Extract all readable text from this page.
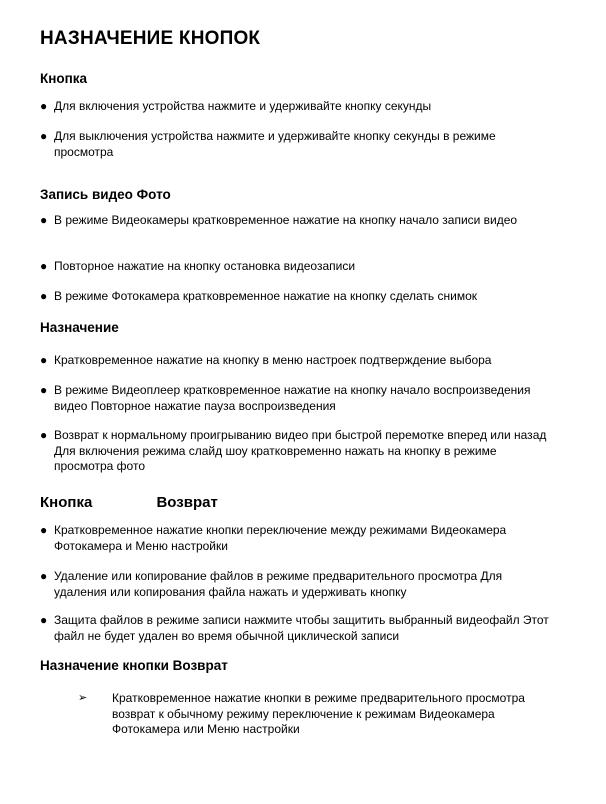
НАЗНАЧЕНИЕ КНОПОК
Кнопка
● Для включения устройства нажмите и удерживайте кнопку секунды
● Для выключения устройства нажмите и удерживайте кнопку секунды в режиме просмотра
Запись видео Фото
● В режиме Видеокамеры кратковременное нажатие на кнопку начало записи видео
● Повторное нажатие на кнопку остановка видеозаписи
● В режиме Фотокамера кратковременное нажатие на кнопку сделать снимок
Назначение
● Кратковременное нажатие на кнопку в меню настроек подтверждение выбора
● В режиме Видеоплеер кратковременное нажатие на кнопку начало воспроизведения видео Повторное нажатие пауза воспроизведения
● Возврат к нормальному проигрыванию видео при быстрой перемотке вперед или назад Для включения режима слайд шоу кратковременно нажать на кнопку в режиме просмотра фото
Кнопка	Возврат
● Кратковременное нажатие кнопки переключение между режимами Видеокамера Фотокамера и Меню настройки
● Удаление или копирование файлов в режиме предварительного просмотра Для удаления или копирования файла нажать и удерживать кнопку
● Защита файлов в режиме записи нажмите чтобы защитить выбранный видеофайл Этот файл не будет удален во время обычной циклической записи
Назначение кнопки Возврат
➢	Кратковременное нажатие кнопки в режиме предварительного просмотра возврат к обычному режиму переключение к режимам Видеокамера Фотокамера или Меню настройки
